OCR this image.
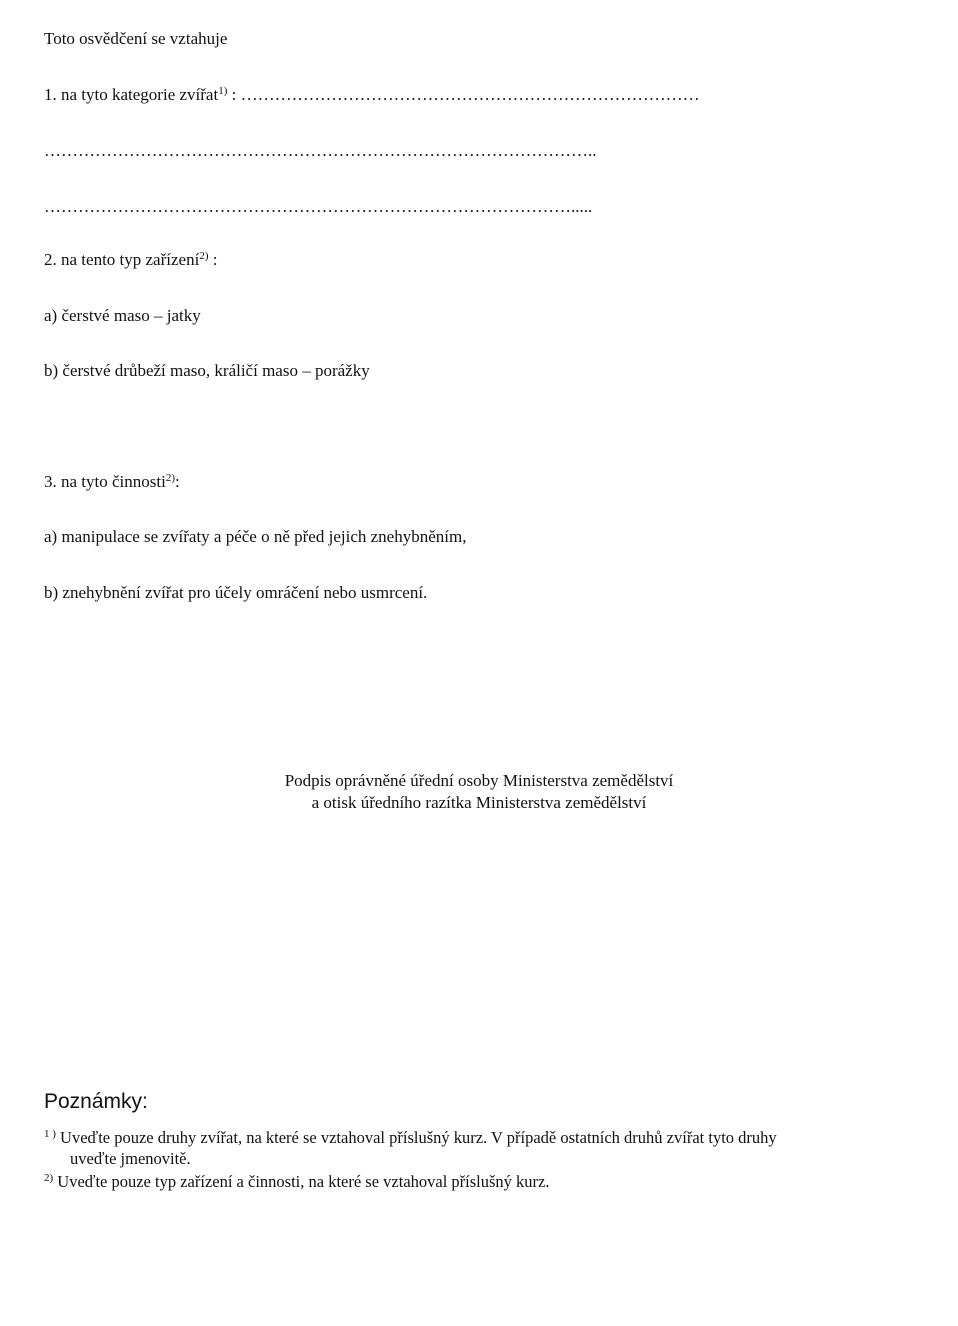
Toto osvědčení se vztahuje
1. na tyto kategorie zvířat$^{1)}$ : ………………………………………………………………………
……………………………………………………………………………………..
………………………………………………………………………………….....
2. na tento typ zařízení$^{2)}$ :
a) čerstvé maso – jatky
b) čerstvé drůbeží maso, králičí maso – porážky
3. na tyto činnosti$^{2)}$:
a) manipulace se zvířaty a péče o ně před jejich znehybněním,
b) znehybnění zvířat pro účely omráčení nebo usmrcení.
Podpis oprávněné úřední osoby Ministerstva zemědělství
a otisk úředního razítka Ministerstva zemědělství
Poznámky:
$^{1 )}$ Uveďte pouze druhy zvířat, na které se vztahoval příslušný kurz. V případě ostatních druhů zvířat tyto druhy
uveďte jmenovitě.
$^{2)}$ Uveďte pouze typ zařízení a činnosti, na které se vztahoval příslušný kurz.
